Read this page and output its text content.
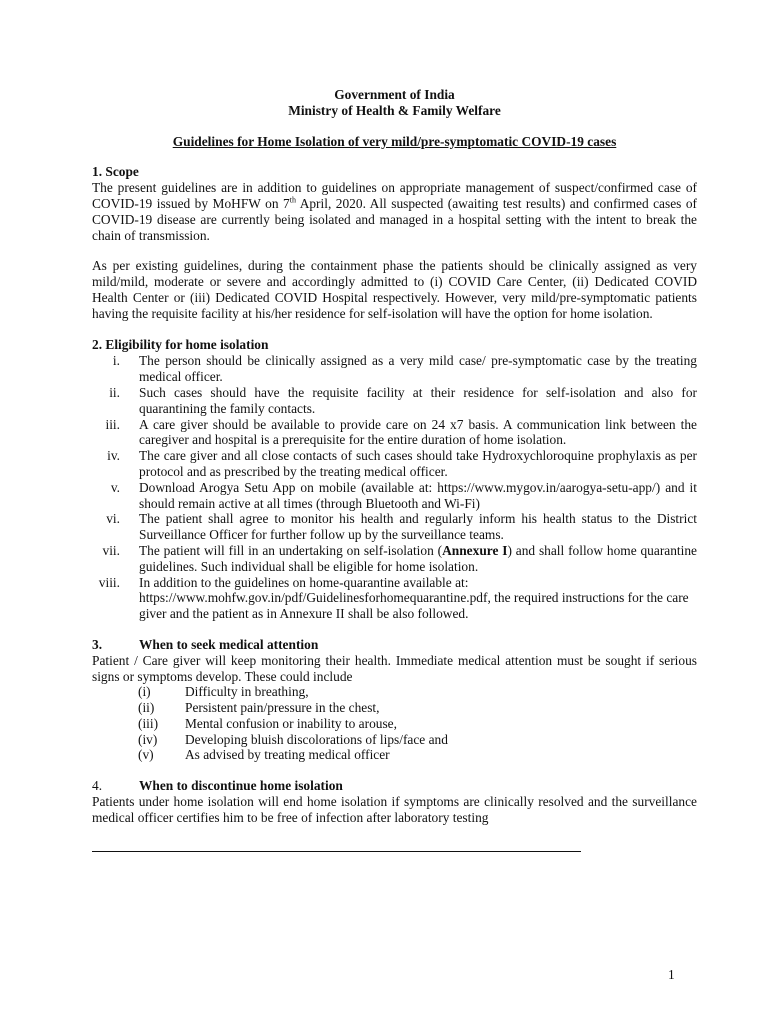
Government of India
Ministry of Health & Family Welfare
Guidelines for Home Isolation of very mild/pre-symptomatic COVID-19 cases
1. Scope

The present guidelines are in addition to guidelines on appropriate management of suspect/confirmed case of COVID-19 issued by MoHFW on 7th April, 2020. All suspected (awaiting test results) and confirmed cases of COVID-19 disease are currently being isolated and managed in a hospital setting with the intent to break the chain of transmission.

As per existing guidelines, during the containment phase the patients should be clinically assigned as very mild/mild, moderate or severe and accordingly admitted to (i) COVID Care Center, (ii) Dedicated COVID Health Center or (iii) Dedicated COVID Hospital respectively. However, very mild/pre-symptomatic patients having the requisite facility at his/her residence for self-isolation will have the option for home isolation.

2. Eligibility for home isolation
i. The person should be clinically assigned as a very mild case/ pre-symptomatic case by the treating medical officer.
ii. Such cases should have the requisite facility at their residence for self-isolation and also for quarantining the family contacts.
iii. A care giver should be available to provide care on 24 x7 basis. A communication link between the caregiver and hospital is a prerequisite for the entire duration of home isolation.
iv. The care giver and all close contacts of such cases should take Hydroxychloroquine prophylaxis as per protocol and as prescribed by the treating medical officer.
v. Download Arogya Setu App on mobile (available at: https://www.mygov.in/aarogya-setu-app/) and it should remain active at all times (through Bluetooth and Wi-Fi)
vi. The patient shall agree to monitor his health and regularly inform his health status to the District Surveillance Officer for further follow up by the surveillance teams.
vii. The patient will fill in an undertaking on self-isolation (Annexure I) and shall follow home quarantine guidelines. Such individual shall be eligible for home isolation.
viii. In addition to the guidelines on home-quarantine available at:
https://www.mohfw.gov.in/pdf/Guidelinesforhomequarantine.pdf, the required instructions for the care giver and the patient as in Annexure II shall be also followed.
3.	When to seek medical attention

Patient / Care giver will keep monitoring their health. Immediate medical attention must be sought if serious signs or symptoms develop. These could include

(i)	Difficulty in breathing,
(ii) Persistent pain/pressure in the chest,
(iii) Mental confusion or inability to arouse,
(iv) Developing bluish discolorations of lips/face and
(v) As advised by treating medical officer
4.	When to discontinue home isolation

Patients under home isolation will end home isolation if symptoms are clinically resolved and the surveillance medical officer certifies him to be free of infection after laboratory testing

1
